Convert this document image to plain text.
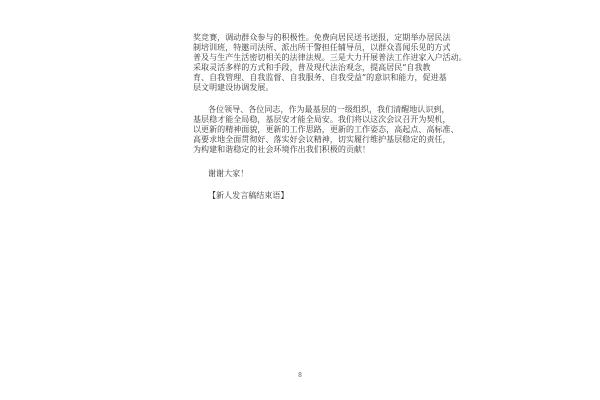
奖竞赛，调动群众参与的积极性。免费向居民送书送报，定期举办居民法
制培训班，特邀司法所、派出所干警担任辅导员，以群众喜闻乐见的方式
普及与生产生活密切相关的法律法规。三是大力开展普法工作进家入户活动。
采取灵活多样的方式和手段，普及现代法治观念，提高居民“自我教
育、自我管理、自我监督、自我服务、自我受益”的意识和能力，促进基
层文明建设协调发展。
各位领导、各位同志，作为最基层的一级组织，我们清醒地认识到，
基层稳才能全局稳，基层安才能全局安。我们将以这次会议召开为契机，
以更新的精神面貌，更新的工作思路，更新的工作姿态，高起点、高标准、
高要求地全面贯彻好、落实好会议精神，切实履行维护基层稳定的责任，
为构建和谐稳定的社会环境作出我们积极的贡献！
谢谢大家！
【新人发言稿结束语】
8
